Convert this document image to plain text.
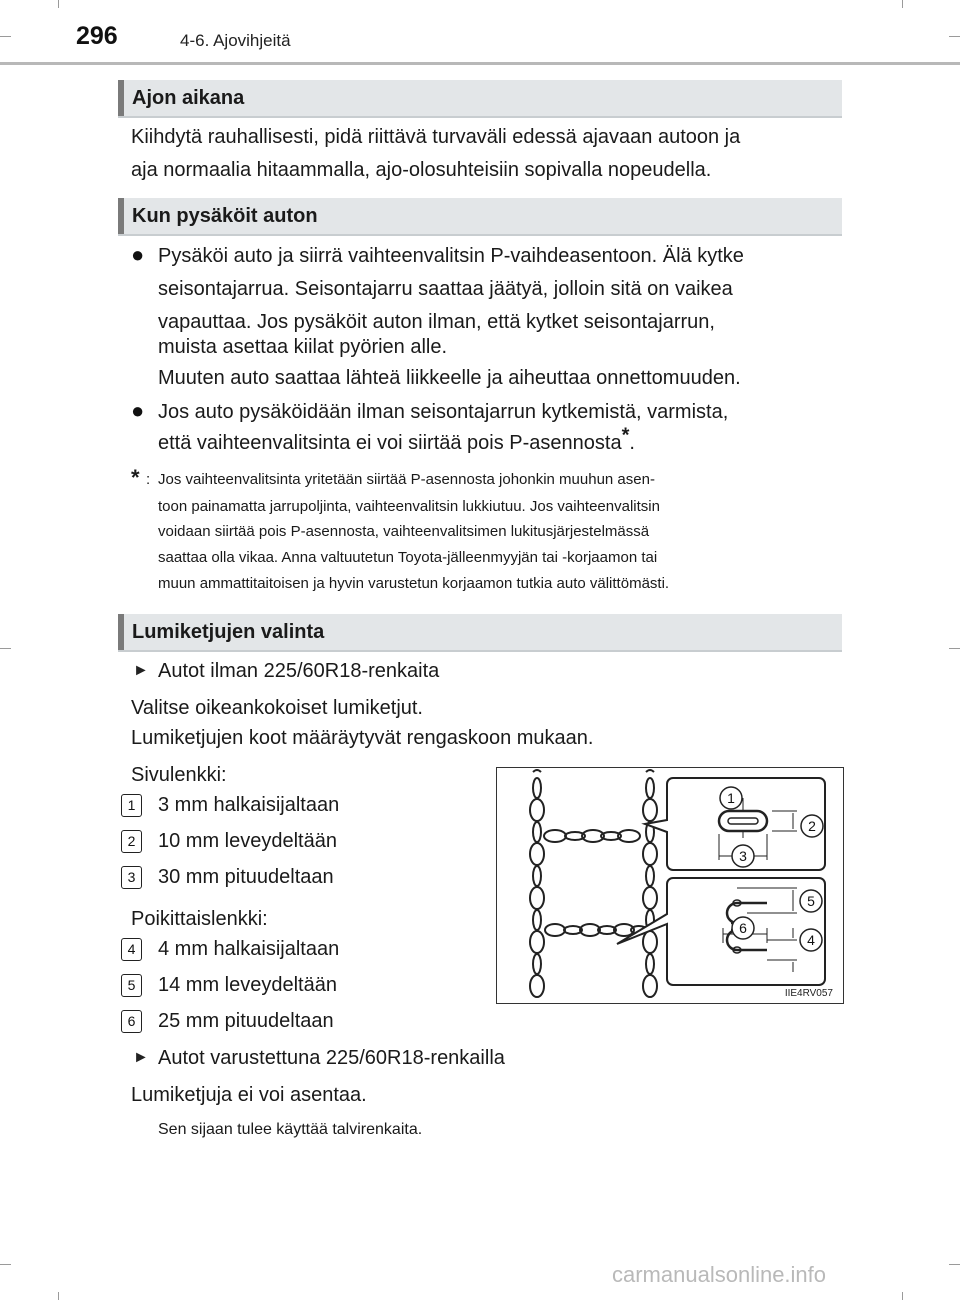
296	4-6. Ajovihjeitä
Ajon aikana
Kiihdytä rauhallisesti, pidä riittävä turvaväli edessä ajavaan autoon ja
aja normaalia hitaammalla, ajo-olosuhteisiin sopivalla nopeudella.
Kun pysäköit auton
● Pysäköi auto ja siirrä vaihteenvalitsin P-vaihdeasentoon. Älä kytke
seisontajarrua. Seisontajarru saattaa jäätyä, jolloin sitä on vaikea
vapauttaa. Jos pysäköit auton ilman, että kytket seisontajarrun,
muista asettaa kiilat pyörien alle.
Muuten auto saattaa lähteä liikkeelle ja aiheuttaa onnettomuuden.
● Jos auto pysäköidään ilman seisontajarrun kytkemistä, varmista,
että vaihteenvalitsinta ei voi siirtää pois P-asennosta*.
* : Jos vaihteenvalitsinta yritetään siirtää P-asennosta johonkin muuhun asen-
toon painamatta jarrupoljinta, vaihteenvalitsin lukkiutuu. Jos vaihteenvalitsin
voidaan siirtää pois P-asennosta, vaihteenvalitsimen lukitusjärjestelmässä
saattaa olla vikaa. Anna valtuutetun Toyota-jälleenmyyjän tai -korjaamon tai
muun ammattitaitoisen ja hyvin varustetun korjaamon tutkia auto välittömästi.
Lumiketjujen valinta
► Autot ilman 225/60R18-renkaita
Valitse oikeankokoiset lumiketjut.
Lumiketjujen koot määräytyvät rengaskoon mukaan.
Sivulenkki:
1	3 mm halkaisijaltaan
2	10 mm leveydeltään
3	30 mm pituudeltaan
Poikittaislenkki:
4	4 mm halkaisijaltaan
5	14 mm leveydeltään
6	25 mm pituudeltaan
► Autot varustettuna 225/60R18-renkailla
Lumiketjuja ei voi asentaa.
Sen sijaan tulee käyttää talvirenkaita.
1
2
3
5
6
4
IIE4RV057
carmanualsonline.info
